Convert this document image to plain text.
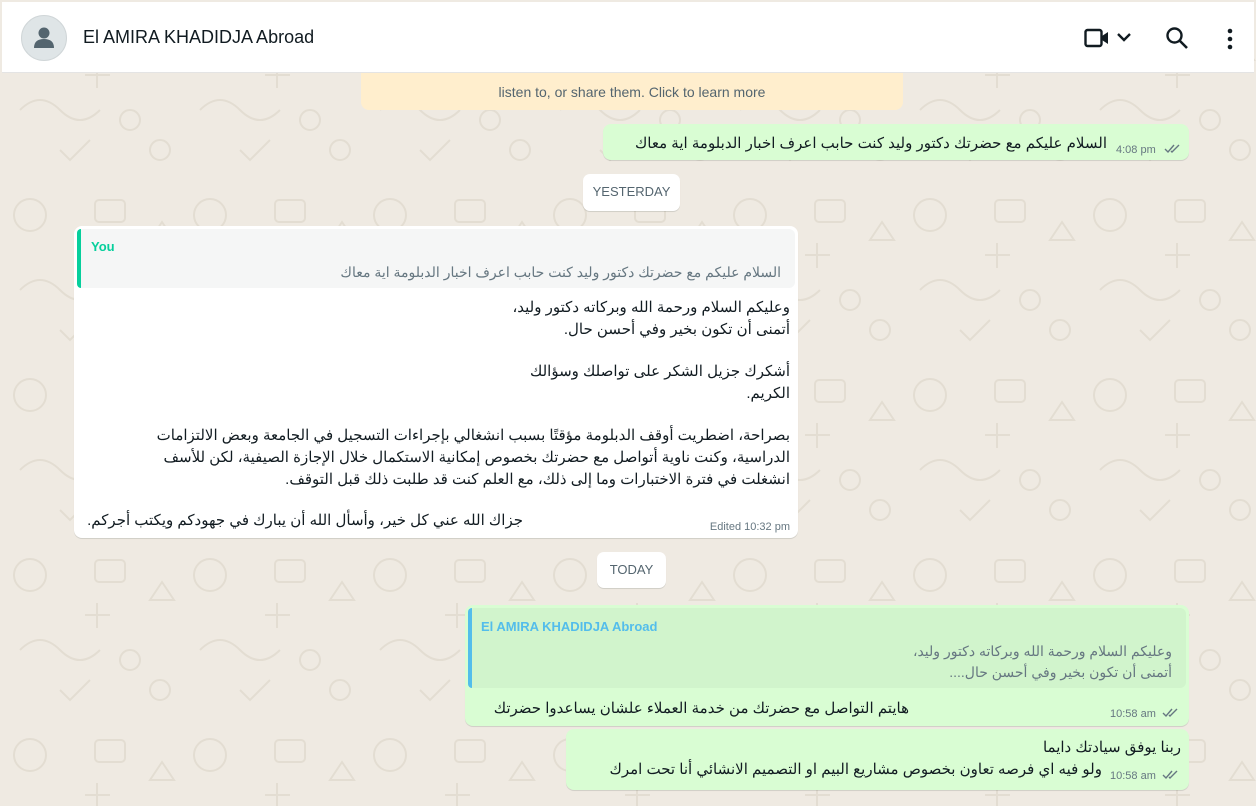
El AMIRA KHADIDJA Abroad
listen to, or share them. Click to learn more
السلام عليكم مع حضرتك دكتور وليد كنت حابب اعرف اخبار الدبلومة اية معاك 4:08 pm
YESTERDAY
You
السلام عليكم مع حضرتك دكتور وليد كنت حابب اعرف اخبار الدبلومة اية معاك
وعليكم السلام ورحمة الله وبركاته دكتور وليد،
أتمنى أن تكون بخير وفي أحسن حال.
أشكرك جزيل الشكر على تواصلك وسؤالك
الكريم.
بصراحة، اضطريت أوقف الدبلومة مؤقتًا بسبب انشغالي بإجراءات التسجيل في الجامعة وبعض الالتزامات
الدراسية، وكنت ناوية أتواصل مع حضرتك بخصوص إمكانية الاستكمال خلال الإجازة الصيفية، لكن للأسف
انشغلت في فترة الاختبارات وما إلى ذلك، مع العلم كنت قد طلبت ذلك قبل التوقف.
جزاك الله عني كل خير، وأسأل الله أن يبارك في جهودكم ويكتب أجركم.	Edited 10:32 pm
TODAY
El AMIRA KHADIDJA Abroad
وعليكم السلام ورحمة الله وبركاته دكتور وليد،
أتمنى أن تكون بخير وفي أحسن حال....
هايتم التواصل مع حضرتك من خدمة العملاء علشان يساعدوا حضرتك	10:58 am
ربنا يوفق سيادتك دايما
ولو فيه اي فرصه تعاون بخصوص مشاريع البيم او التصميم الانشائي أنا تحت امرك 10:58 am
